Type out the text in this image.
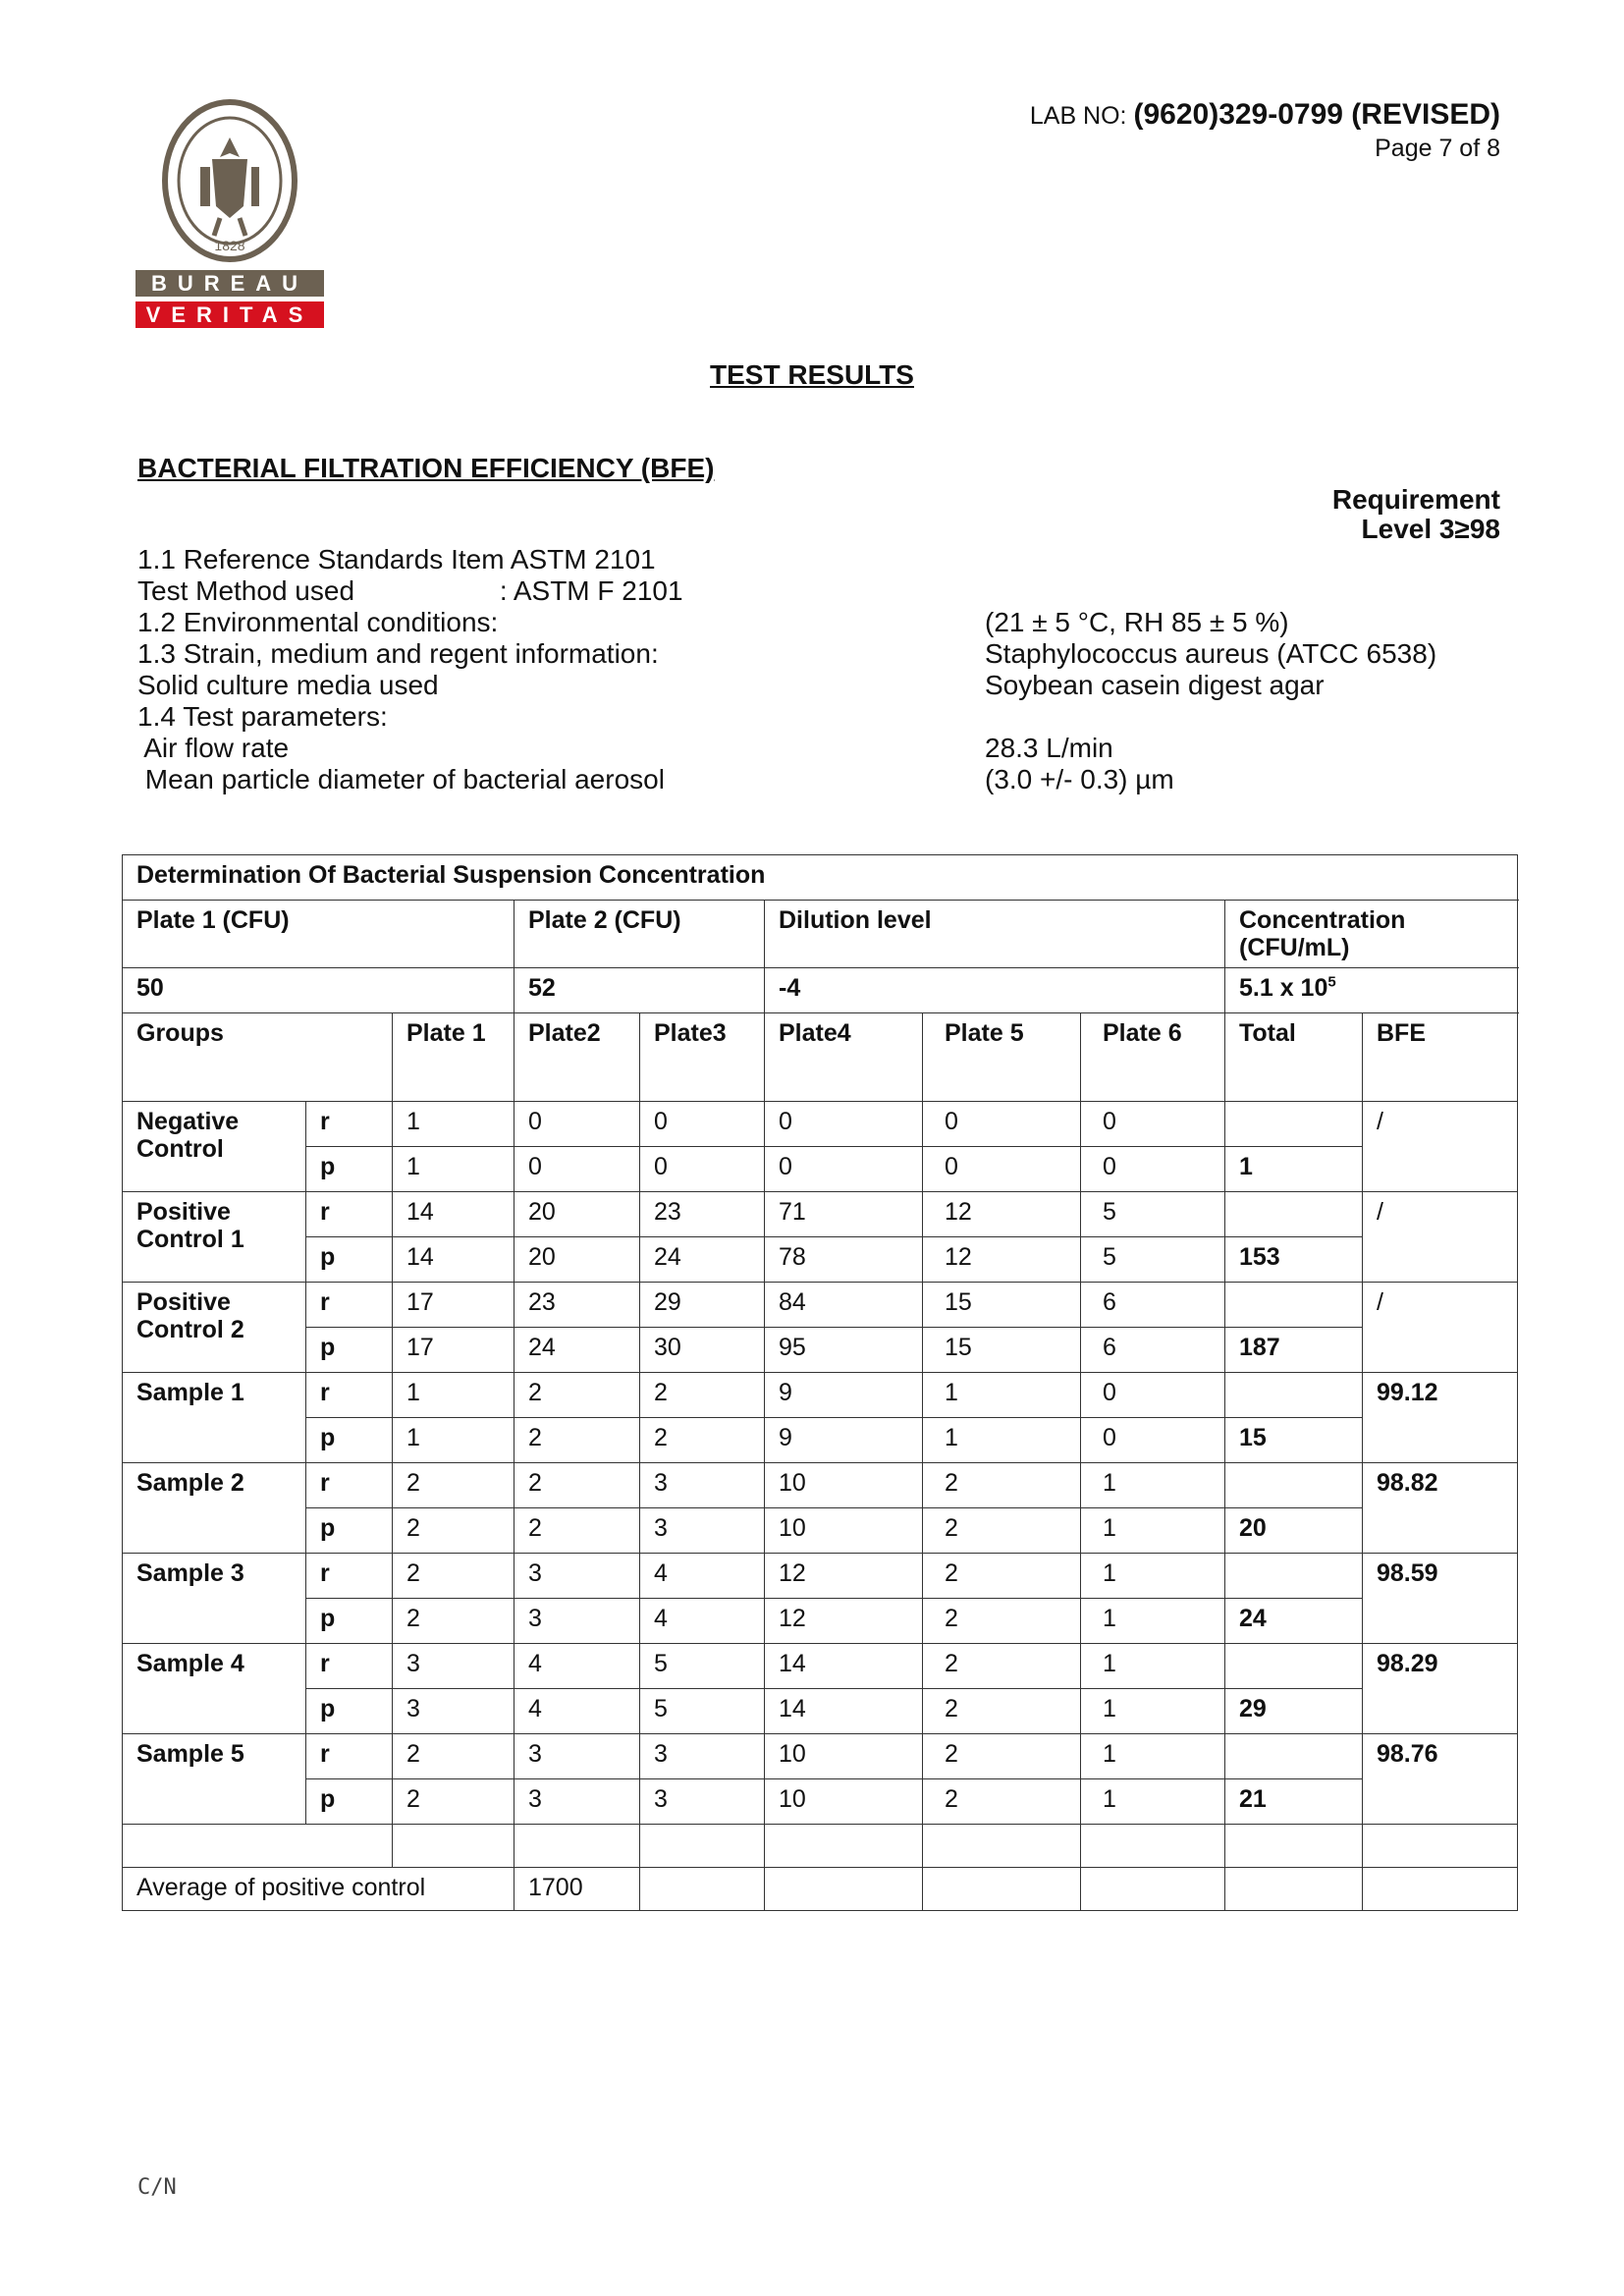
1828
BUREAU
VERITAS
LAB NO: (9620)329-0799 (REVISED)
Page 7 of 8
TEST RESULTS
BACTERIAL FILTRATION EFFICIENCY (BFE)
Requirement
Level 3≥98
1.1 Reference Standards Item ASTM 2101
Test Method used                   : ASTM F 2101
1.2 Environmental conditions:	(21 ± 5 °C, RH 85 ± 5 %)
1.3 Strain, medium and regent information:	Staphylococcus aureus (ATCC 6538)
Solid culture media used	Soybean casein digest agar
1.4 Test parameters:
Air flow rate	28.3 L/min
Mean particle diameter of bacterial aerosol	(3.0 +/- 0.3) µm
Determination Of Bacterial Suspension Concentration									
Plate 1 (CFU)			Plate 2 (CFU)		Dilution level			Concentration (CFU/mL)	
50			52		-4			5.1 x $10^5$
Groups		Plate 1	Plate2	Plate3	Plate4	Plate 5	Plate 6	Total	BFE
Negative Control	r	1	0	0	0	0	0		/
	p	1	0	0	0	0	0	1	
Positive Control 1	r	14	20	23	71	12	5		/
	p	14	20	24	78	12	5	153	
Positive Control 2	r	17	23	29	84	15	6		/
	p	17	24	30	95	15	6	187	
Sample 1	r	1	2	2	9	1	0		99.12
	p	1	2	2	9	1	0	15	
Sample 2	r	2	2	3	10	2	1		98.82
	p	2	2	3	10	2	1	20	
Sample 3	r	2	3	4	12	2	1		98.59
	p	2	3	4	12	2	1	24	
Sample 4	r	3	4	5	14	2	1		98.29
	p	3	4	5	14	2	1	29	
Sample 5	r	2	3	3	10	2	1		98.76
	p	2	3	3	10	2	1	21	

Average of positive control			1700						
C/N
